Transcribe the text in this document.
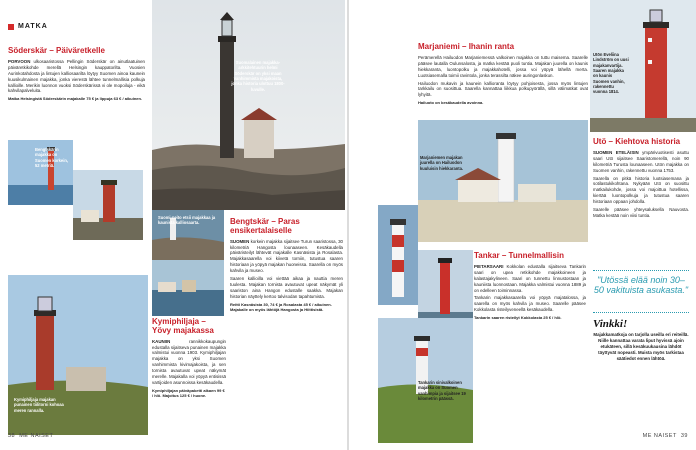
MATKA
Söderskär – Päiväretkelle

PORVOON ulkosaaristossa Pellingin Söderskär on ainutlaatuinen päiväretkikohde merellä Helsingin kauppatorilta. Vuosien Aurinkotahdosta ja lintujen kalliosaarilta löytyy Suomen ainoa kaunein kuusikulmainen majakka, jonka vierestä lähtee tunnelmallisia polkuja kallioille. Merikin luonnon vuoksi Söderskärissä vi ole mopoiluja ‑ eikä kahvilapalveluita.

Matka Helsingistä Söderskärin majakalle 75 € ja lippuja 63 € / aikuinen.

Suomalainen majakka-arkkitehtuurin helmi Söderskär on yksi maan vanhimmista majakoista, jonka historia ulottuu 1800-luvulle.
Bengtskärin majakka on Suomen korkein, 52 metriä.
Suomi-neito etsii majakkaa ja kaunista kalliosaarta.	Bengtskär – Paras ensikertalaiselle

SUOMEN korkein majakka sijaitsee Turun saaristossa, 30 kilometriä Hangosta lounaaseen. Kesäkaudella päiväristeilyt lähtevät majakalle Kasnäsista ja Rosalasta. Majakkasaarella voi kiivetä torniin, tutustua saaren historiaan ja yöpyä majakan huoneissa. Saarella on myös kahvila ja museo.

Saaren kallioilla voi viettää aikaa ja nauttia meren tuulesta. Majakan tornista avautuvat upeat näkymät yli saariston aina Hangon edustalle saakka. Majakan historian näyttely kertoo talvisodan tapahtumista.

Reitti Kasnäsista 30, 74 € ja Rosalasta 45 € / aikuinen. Majakalle on myös lähtöjä Hangosta ja Hiittisistä.

Kymiphiljaja majakan punainen tiilitorni kohoaa meren rannalla.
Kymiphiljaja – Yövy majakassa

KAUNIIN	rannikkokaupungin edustalla sijaitseva punainen majakka valmistui vuonna 1903. Kymiphiljajan majakka on yksi Suomen vanhimmista kivimajakoista, ja sen tornista avautuvat upeat näkymät merelle. Majakalla voi yöpyä entisissä vartijoiden asunnoissa kesäkaudella.

Kymiphiljajan päiväpaketti alkaen 99 € / hlö. Majoitus 125 € / huone.

38 ME NAISET
Marjaniemi – Ihanin ranta

Perämerellä Hailuodon Marjaniemessä valkoinen majakka on tuttu maisema. Saarelle pääsee lautalla Oulunsalosta, ja matka kestää puoli tuntia. Majakan juurella on kaunis hiekkaranta, luontopolku ja majakkahotelli, jossa voi yöpyä lähellä merta. Luotsiasemalla toimii ravintola, jonka terassilta näkee auringonlaskun.

Hailuodon mukavin ja kaunein kallioranta löytyy pohjoisesta, jossa myös lintujen tarkkailu on suosittua. Saarella kannattaa liikkua polkupyörällä, sillä välimatkat ovat lyhyitä.

Hailuoto on kesäkaudella avoinna.

Marjaniemen majakan juurella on Hailuodon kuuluisin hiekkaranta.
Tankarin sinivalkoinen majakka on Suomen vanhimpia ja sijaitsee 19 kilometrin päässä.
Tankar – Tunnelmallisin

PIETARSAARI Kokkolan edustalla sijaitseva Tankarin saari on upea retkikohde majakkoineen ja kalastajakylineen. Saari on tunnettu linnustostaan ja kauniista luonnostaan. Majakka valmistui vuonna 1889 ja on edelleen toiminnassa.

Tankarin majakkasaarella voi yöpyä majatalossa, ja saarella on myös kahvila ja museo. Saarelle pääsee Kokkolasta risteilyveneellä kesäkaudella.

Tankarin saaren risteilyt Kokkolasta 25 € / hlö.

Utön Eveliina Lindström on uusi majakanvartija. Saaren majakka on kaunis Suomen vanhin, rakennettu vuonna 1814.
Utö – Kiehtova historia

SUOMEN ETELÄISIN ympärivuotisesti asuttu saari Utö sijaitsee Saaristomerellä, noin 90 kilometriä Turusta lounaaseen. Utön majakka on Suomen vanhin, rakennettu vuonna 1753.

Saarella on pitkä historia luotsiasemana ja sotilastukikohtana. Nykyään Utö on suosittu matkailukohde, jossa voi majoittua hotellissa, kiertää luontopolkuja ja tutustua saaren historiaan oppaan johdolla.

Saarelle pääsee yhteysaluksella Nauvosta. Matka kestää noin viisi tuntia.

"Utössä elää noin 30–50 vakituista asukasta."
Vinkki!

Majakkamatkoja on tarjolla useilla eri reiteillä. Niille kannattaa varata liput hyvissä ajoin etukäteen, sillä kesäkuukausina lähdöt täyttyvät nopeasti. Muista myös tarkistaa säätiedot ennen lähtöä.

ME NAISET 39
